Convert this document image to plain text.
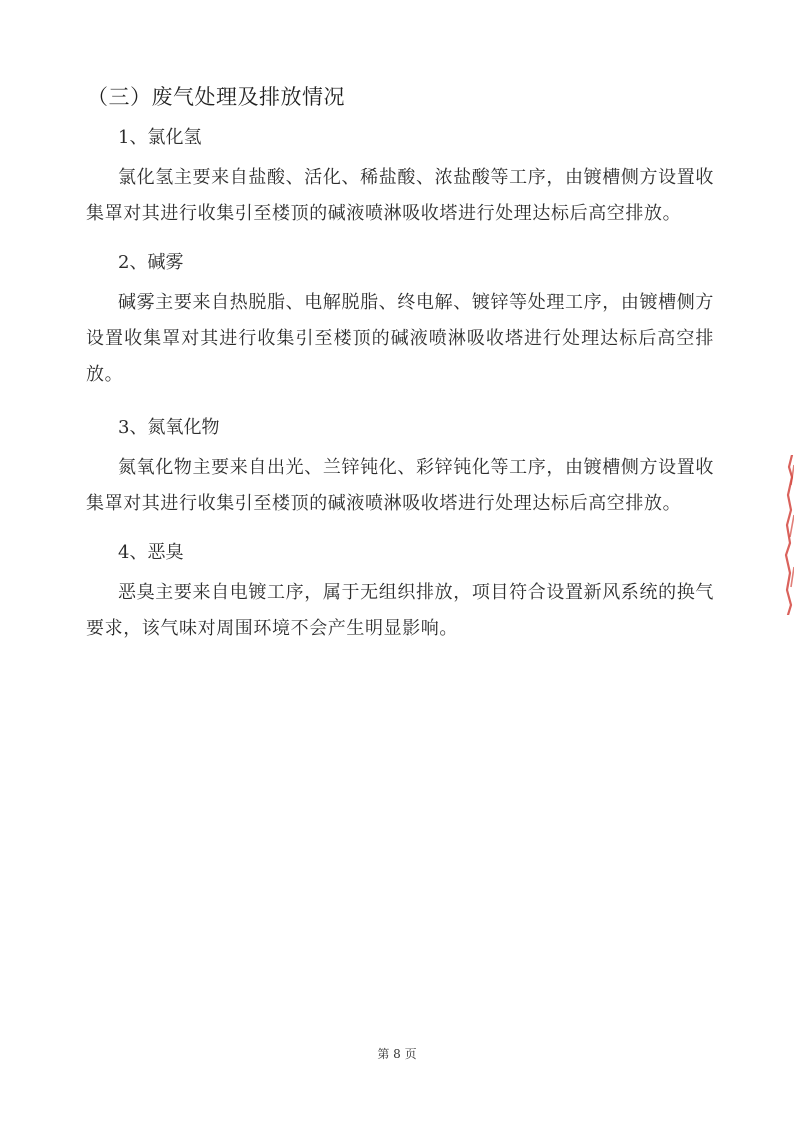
（三）废气处理及排放情况
1、氯化氢
氯化氢主要来自盐酸、活化、稀盐酸、浓盐酸等工序，由镀槽侧方设置收集罩对其进行收集引至楼顶的碱液喷淋吸收塔进行处理达标后高空排放。
2、碱雾
碱雾主要来自热脱脂、电解脱脂、终电解、镀锌等处理工序，由镀槽侧方设置收集罩对其进行收集引至楼顶的碱液喷淋吸收塔进行处理达标后高空排放。
3、氮氧化物
氮氧化物主要来自出光、兰锌钝化、彩锌钝化等工序，由镀槽侧方设置收集罩对其进行收集引至楼顶的碱液喷淋吸收塔进行处理达标后高空排放。
4、恶臭
恶臭主要来自电镀工序，属于无组织排放，项目符合设置新风系统的换气要求，该气味对周围环境不会产生明显影响。
第 8 页
